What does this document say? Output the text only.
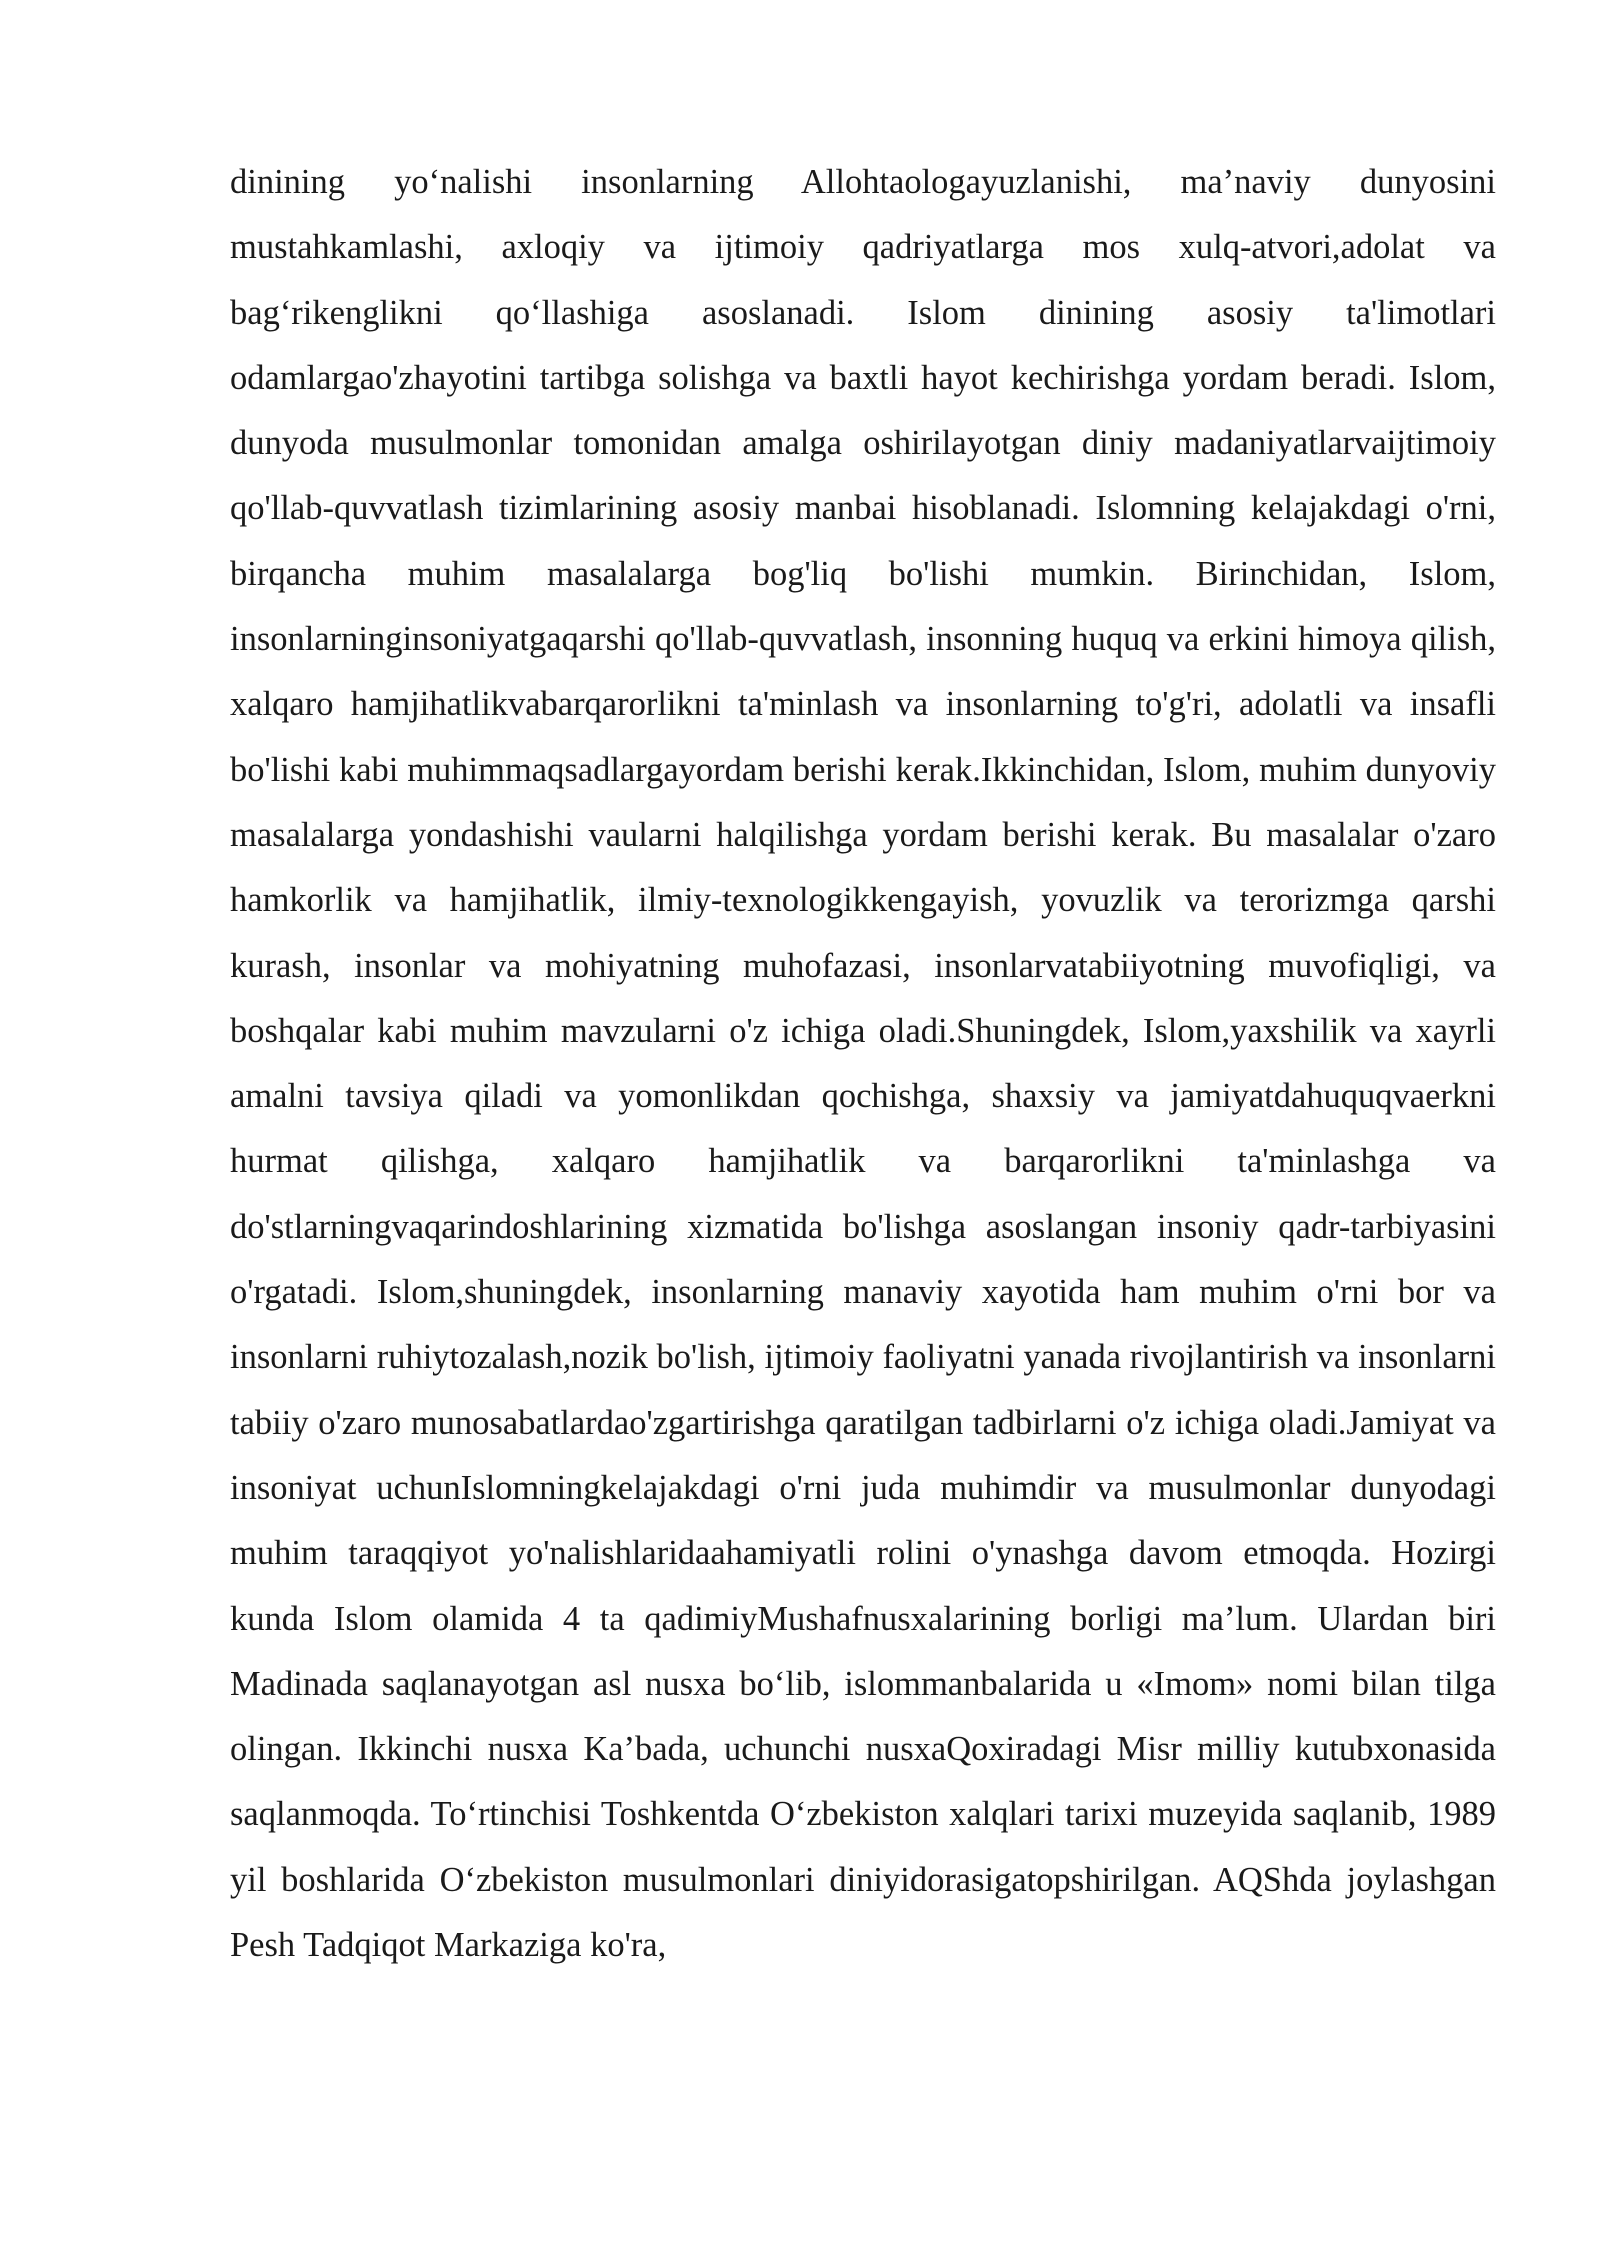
dinining yo‘nalishi insonlarning Allohtaologayuzlanishi, ma’naviy dunyosini mustahkamlashi, axloqiy va ijtimoiy qadriyatlarga mos xulq-atvori,adolat va bag‘rikenglikni qo‘llashiga asoslanadi. Islom dinining asosiy ta'limotlari odamlargao'zhayotini tartibga solishga va baxtli hayot kechirishga yordam beradi. Islom, dunyoda musulmonlar tomonidan amalga oshirilayotgan diniy madaniyatlarvaijtimoiy qo'llab-quvvatlash tizimlarining asosiy manbai hisoblanadi. Islomning kelajakdagi o'rni, birqancha muhim masalalarga bog'liq bo'lishi mumkin. Birinchidan, Islom, insonlarninginsoniyatgaqarshi qo'llab-quvvatlash, insonning huquq va erkini himoya qilish, xalqaro hamjihatlikvabarqarorlikni ta'minlash va insonlarning to'g'ri, adolatli va insafli bo'lishi kabi muhimmaqsadlargayordam berishi kerak.Ikkinchidan, Islom, muhim dunyoviy masalalarga yondashishi vaularni halqilishga yordam berishi kerak. Bu masalalar o'zaro hamkorlik va hamjihatlik, ilmiy-texnologikkengayish, yovuzlik va terorizmga qarshi kurash, insonlar va mohiyatning muhofazasi, insonlarvatabiiyotning muvofiqligi, va boshqalar kabi muhim mavzularni o'z ichiga oladi.Shuningdek, Islom,yaxshilik va xayrli amalni tavsiya qiladi va yomonlikdan qochishga, shaxsiy va jamiyatdahuquqvaerkni hurmat qilishga, xalqaro hamjihatlik va barqarorlikni ta'minlashga va do'stlarningvaqarindoshlarining xizmatida bo'lishga asoslangan insoniy qadr-tarbiyasini o'rgatadi. Islom,shuningdek, insonlarning manaviy xayotida ham muhim o'rni bor va insonlarni ruhiytozalash,nozik bo'lish, ijtimoiy faoliyatni yanada rivojlantirish va insonlarni tabiiy o'zaro munosabatlardao'zgartirishga qaratilgan tadbirlarni o'z ichiga oladi.Jamiyat va insoniyat uchunIslomningkelajakdagi o'rni juda muhimdir va musulmonlar dunyodagi muhim taraqqiyot yo'nalishlaridaahamiyatli rolini o'ynashga davom etmoqda. Hozirgi kunda Islom olamida 4 ta qadimiyMushafnusxalarining borligi ma’lum. Ulardan biri Madinada saqlanayotgan asl nusxa bo‘lib, islommanbalarida u «Imom» nomi bilan tilga olingan. Ikkinchi nusxa Ka’bada, uchunchi nusxaQoxiradagi Misr milliy kutubxonasida saqlanmoqda. To‘rtinchisi Toshkentda O‘zbekiston xalqlari tarixi muzeyida saqlanib, 1989 yil boshlarida O‘zbekiston musulmonlari diniyidorasigatopshirilgan. AQShda joylashgan Pesh Tadqiqot Markaziga ko'ra,
